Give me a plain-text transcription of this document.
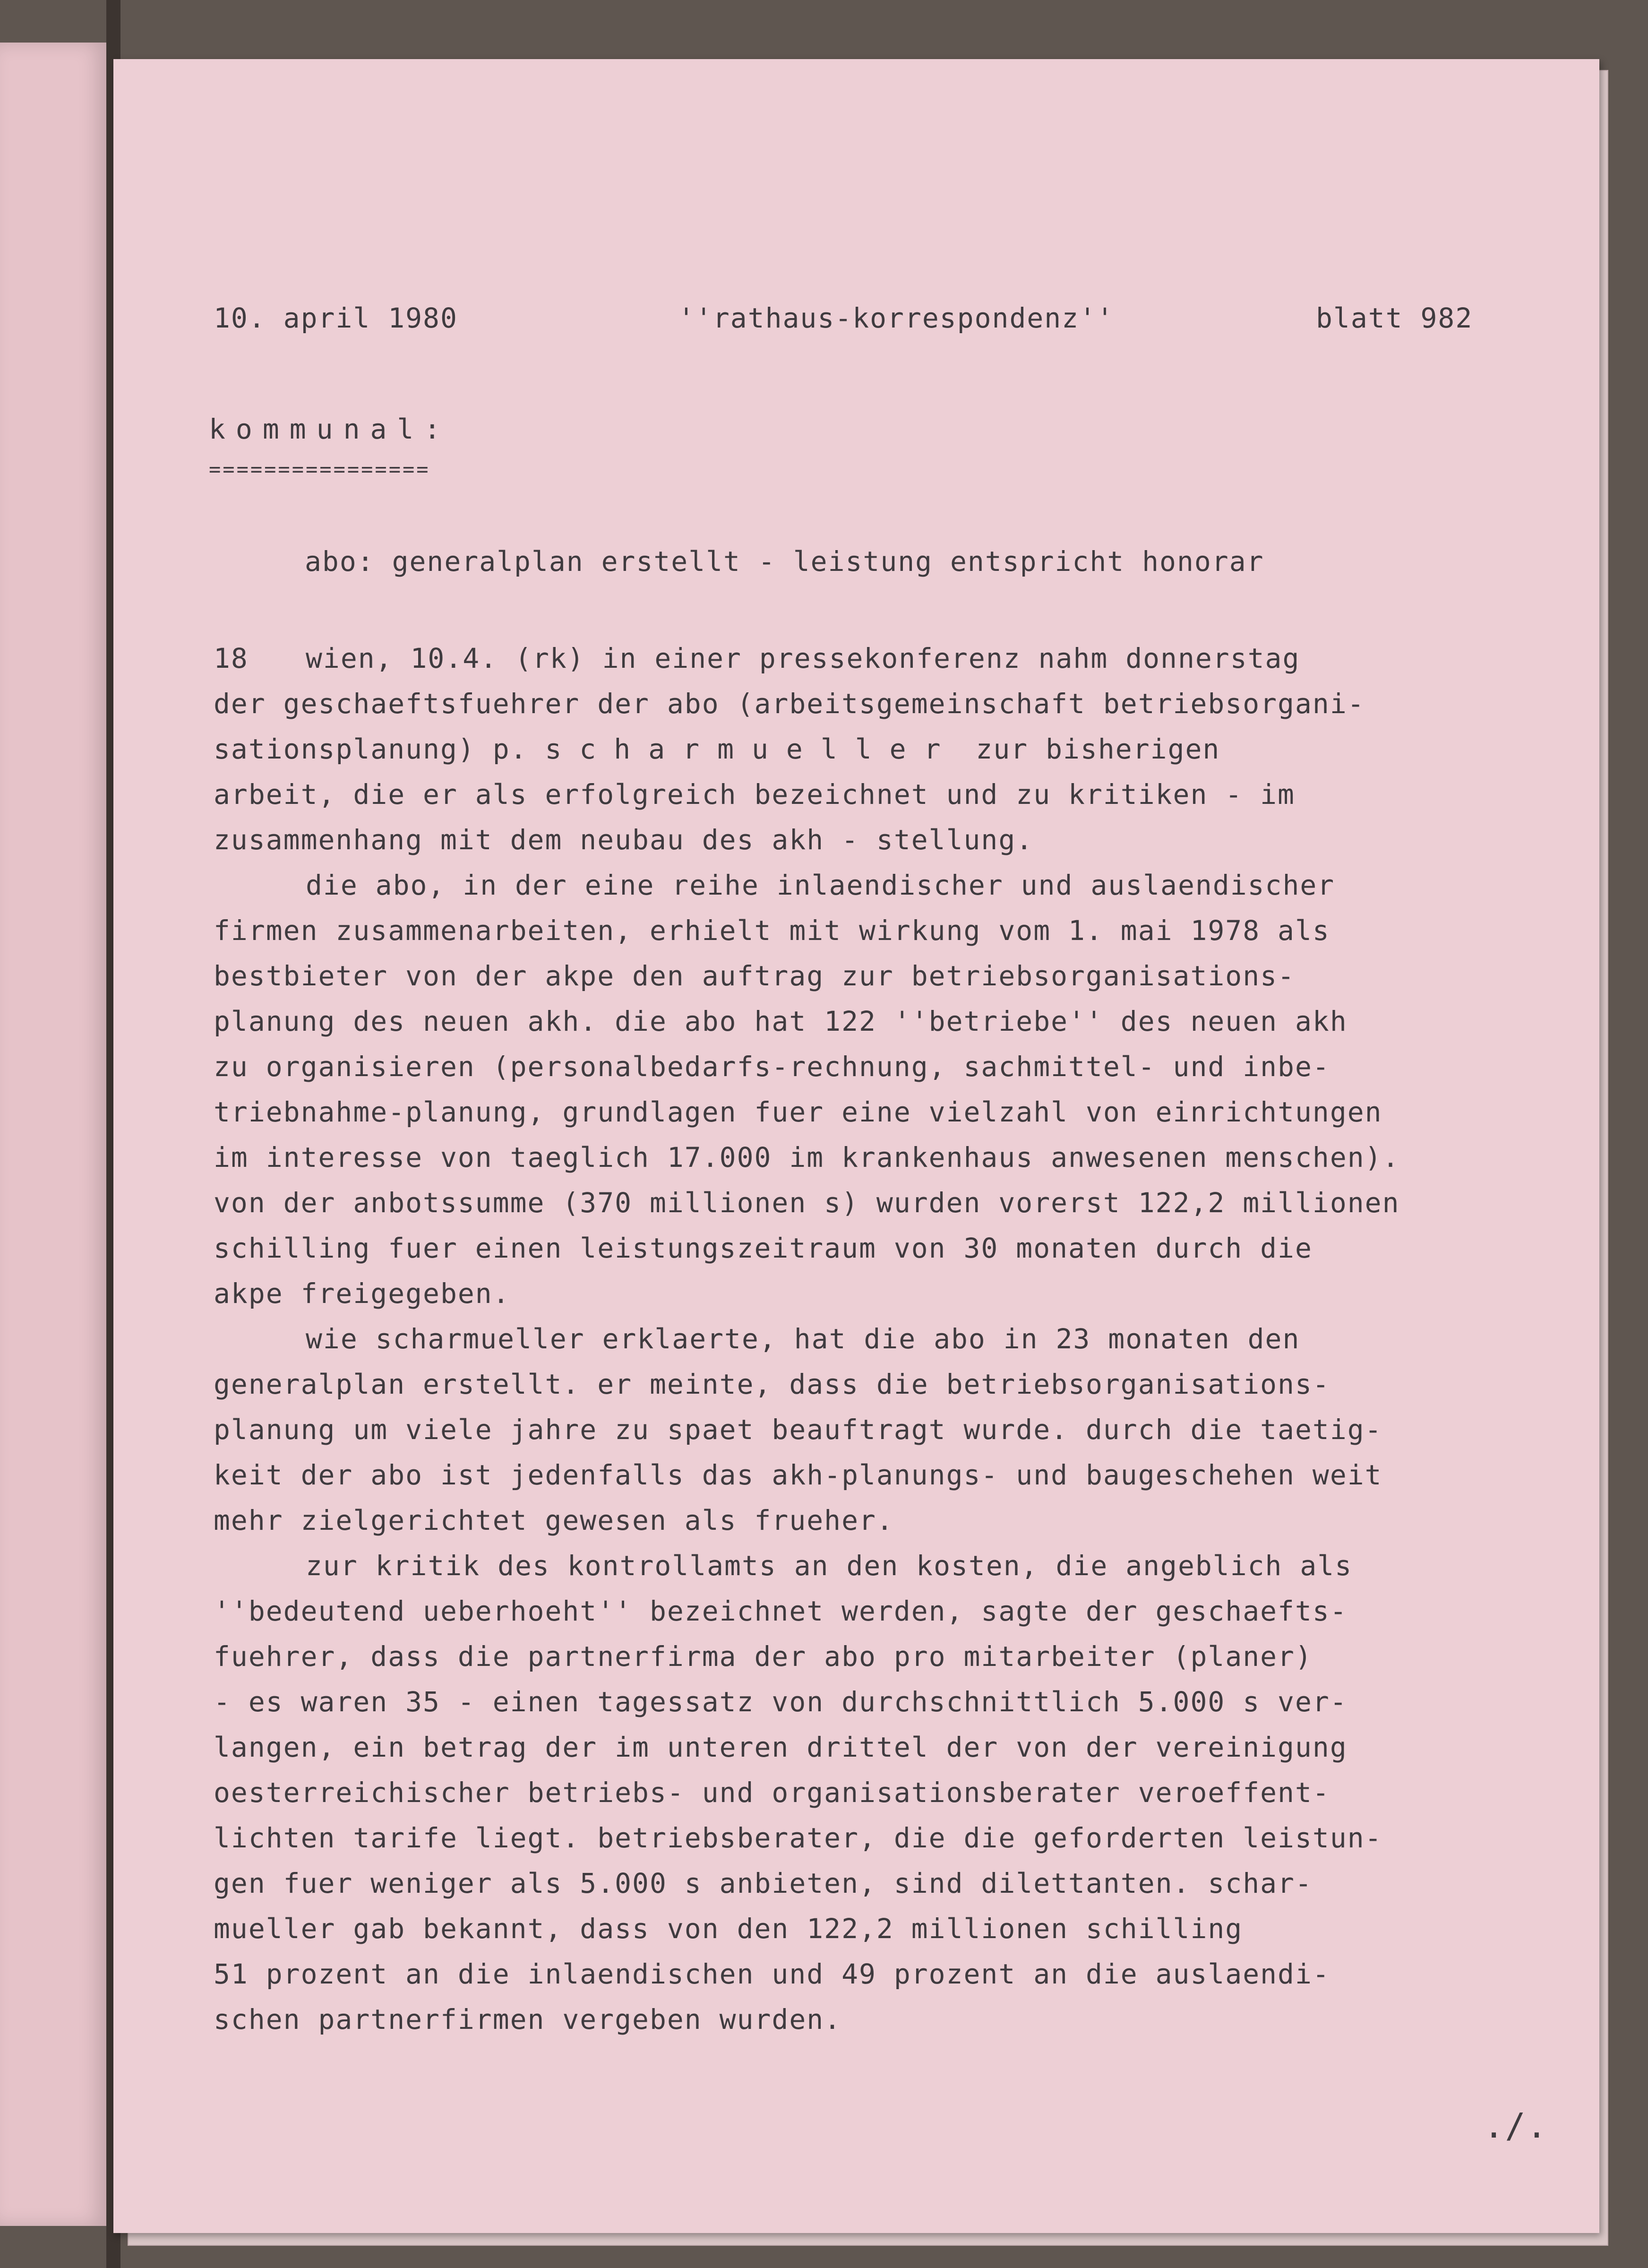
10. april 1980	''rathaus-korrespondenz''	blatt 982

kommunal:

================

abo: generalplan erstellt - leistung entspricht honorar

18 wien, 10.4. (rk) in einer pressekonferenz nahm donnerstag
der geschaeftsfuehrer der abo (arbeitsgemeinschaft betriebsorgani-
sationsplanung) p. scharmueller zur bisherigen
arbeit, die er als erfolgreich bezeichnet und zu kritiken - im
zusammenhang mit dem neubau des akh - stellung.
die abo, in der eine reihe inlaendischer und auslaendischer
firmen zusammenarbeiten, erhielt mit wirkung vom 1. mai 1978 als
bestbieter von der akpe den auftrag zur betriebsorganisations-
planung des neuen akh. die abo hat 122 ''betriebe'' des neuen akh
zu organisieren (personalbedarfs-rechnung, sachmittel- und inbe-
triebnahme-planung, grundlagen fuer eine vielzahl von einrichtungen
im interesse von taeglich 17.000 im krankenhaus anwesenen menschen).
von der anbotssumme (370 millionen s) wurden vorerst 122,2 millionen
schilling fuer einen leistungszeitraum von 30 monaten durch die
akpe freigegeben.
wie scharmueller erklaerte, hat die abo in 23 monaten den
generalplan erstellt. er meinte, dass die betriebsorganisations-
planung um viele jahre zu spaet beauftragt wurde. durch die taetig-
keit der abo ist jedenfalls das akh-planungs- und baugeschehen weit
mehr zielgerichtet gewesen als frueher.
zur kritik des kontrollamts an den kosten, die angeblich als
''bedeutend ueberhoeht'' bezeichnet werden, sagte der geschaefts-
fuehrer, dass die partnerfirma der abo pro mitarbeiter (planer)
- es waren 35 - einen tagessatz von durchschnittlich 5.000 s ver-
langen, ein betrag der im unteren drittel der von der vereinigung
oesterreichischer betriebs- und organisationsberater veroeffent-
lichten tarife liegt. betriebsberater, die die geforderten leistun-
gen fuer weniger als 5.000 s anbieten, sind dilettanten. schar-
mueller gab bekannt, dass von den 122,2 millionen schilling
51 prozent an die inlaendischen und 49 prozent an die auslaendi-
schen partnerfirmen vergeben wurden.

./.
